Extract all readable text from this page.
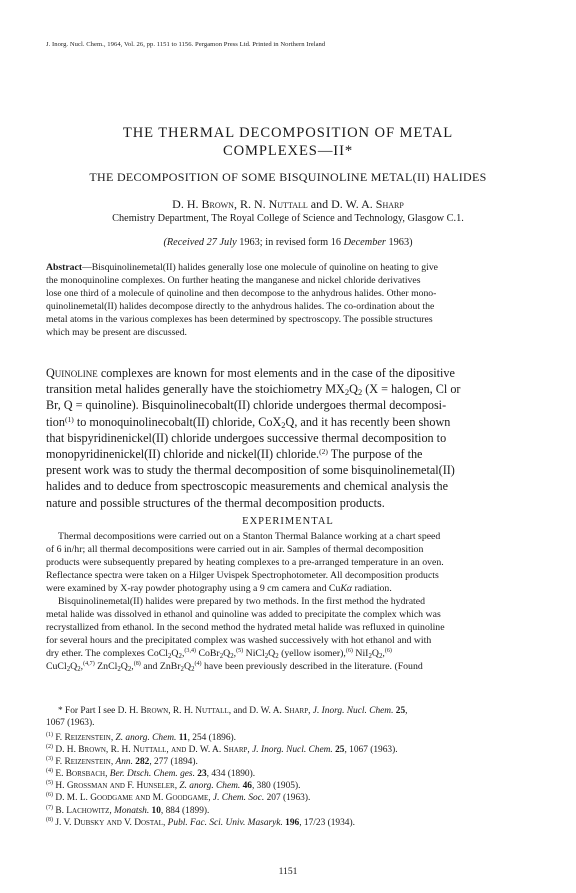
J. Inorg. Nucl. Chem., 1964, Vol. 26, pp. 1151 to 1156. Pergamon Press Ltd. Printed in Northern Ireland
THE THERMAL DECOMPOSITION OF METAL
COMPLEXES—II*
THE DECOMPOSITION OF SOME BISQUINOLINE METAL(II) HALIDES
D. H. Brown, R. N. Nuttall and D. W. A. Sharp
Chemistry Department, The Royal College of Science and Technology, Glasgow C.1.
(Received 27 July 1963; in revised form 16 December 1963)
Abstract—Bisquinolinemetal(II) halides generally lose one molecule of quinoline on heating to give
the monoquinoline complexes. On further heating the manganese and nickel chloride derivatives
lose one third of a molecule of quinoline and then decompose to the anhydrous halides. Other mono-
quinolinemetal(II) halides decompose directly to the anhydrous halides. The co-ordination about the
metal atoms in the various complexes has been determined by spectroscopy. The possible structures
which may be present are discussed.
Quinoline complexes are known for most elements and in the case of the dipositive
transition metal halides generally have the stoichiometry $MX_2Q_2$ (X = halogen, Cl or
Br, Q = quinoline). Bisquinolinecobalt(II) chloride undergoes thermal decomposi-
tion$^{(1)}$ to monoquinolinecobalt(II) chloride, CoX$_2$Q, and it has recently been shown
that bispyridinenickel(II) chloride undergoes successive thermal decomposition to
monopyridinenickel(II) chloride and nickel(II) chloride.$^{(2)}$ The purpose of the
present work was to study the thermal decomposition of some bisquinolinemetal(II)
halides and to deduce from spectroscopic measurements and chemical analysis the
nature and possible structures of the thermal decomposition products.
EXPERIMENTAL
Thermal decompositions were carried out on a Stanton Thermal Balance working at a chart speed
of 6 in/hr; all thermal decompositions were carried out in air. Samples of thermal decomposition
products were subsequently prepared by heating complexes to a pre-arranged temperature in an oven.
Reflectance spectra were taken on a Hilger Uvispek Spectrophotometer. All decomposition products
were examined by X-ray powder photography using a 9 cm camera and CuKα radiation.
Bisquinolinemetal(II) halides were prepared by two methods. In the first method the hydrated
metal halide was dissolved in ethanol and quinoline was added to precipitate the complex which was
recrystallized from ethanol. In the second method the hydrated metal halide was refluxed in quinoline
for several hours and the precipitated complex was washed successively with hot ethanol and with
dry ether. The complexes $CoCl_2Q_2,^{(3,4)}$ $CoBr_2Q_2,^{(5)}$ $NiCl_2Q_2$ (yellow isomer),$^{(6)}$ $NiI_2Q_2,^{(6)}$
$CuCl_2Q_2,^{(4,7)}$ $ZnCl_2Q_2,^{(8)}$ and $ZnBr_2Q_2^{(4)}$ have been previously described in the literature. (Found
* For Part I see D. H. Brown, R. H. Nuttall, and D. W. A. Sharp, J. Inorg. Nucl. Chem. 25,
1067 (1963).
$^{(1)}$ F. Reizenstein, Z. anorg. Chem. 11, 254 (1896).
$^{(2)}$ D. H. Brown, R. H. Nuttall, and D. W. A. Sharp, J. Inorg. Nucl. Chem. 25, 1067 (1963).
$^{(3)}$ F. Reizenstein, Ann. 282, 277 (1894).
$^{(4)}$ E. Borsbach, Ber. Dtsch. Chem. ges. 23, 434 (1890).
$^{(5)}$ H. Grossman and F. Hunseler, Z. anorg. Chem. 46, 380 (1905).
$^{(6)}$ D. M. L. Goodgame and M. Goodgame, J. Chem. Soc. 207 (1963).
$^{(7)}$ B. Lachowitz, Monatsh. 10, 884 (1899).
$^{(8)}$ J. V. Dubsky and V. Dostal, Publ. Fac. Sci. Univ. Masaryk. 196, 17/23 (1934).
1151
